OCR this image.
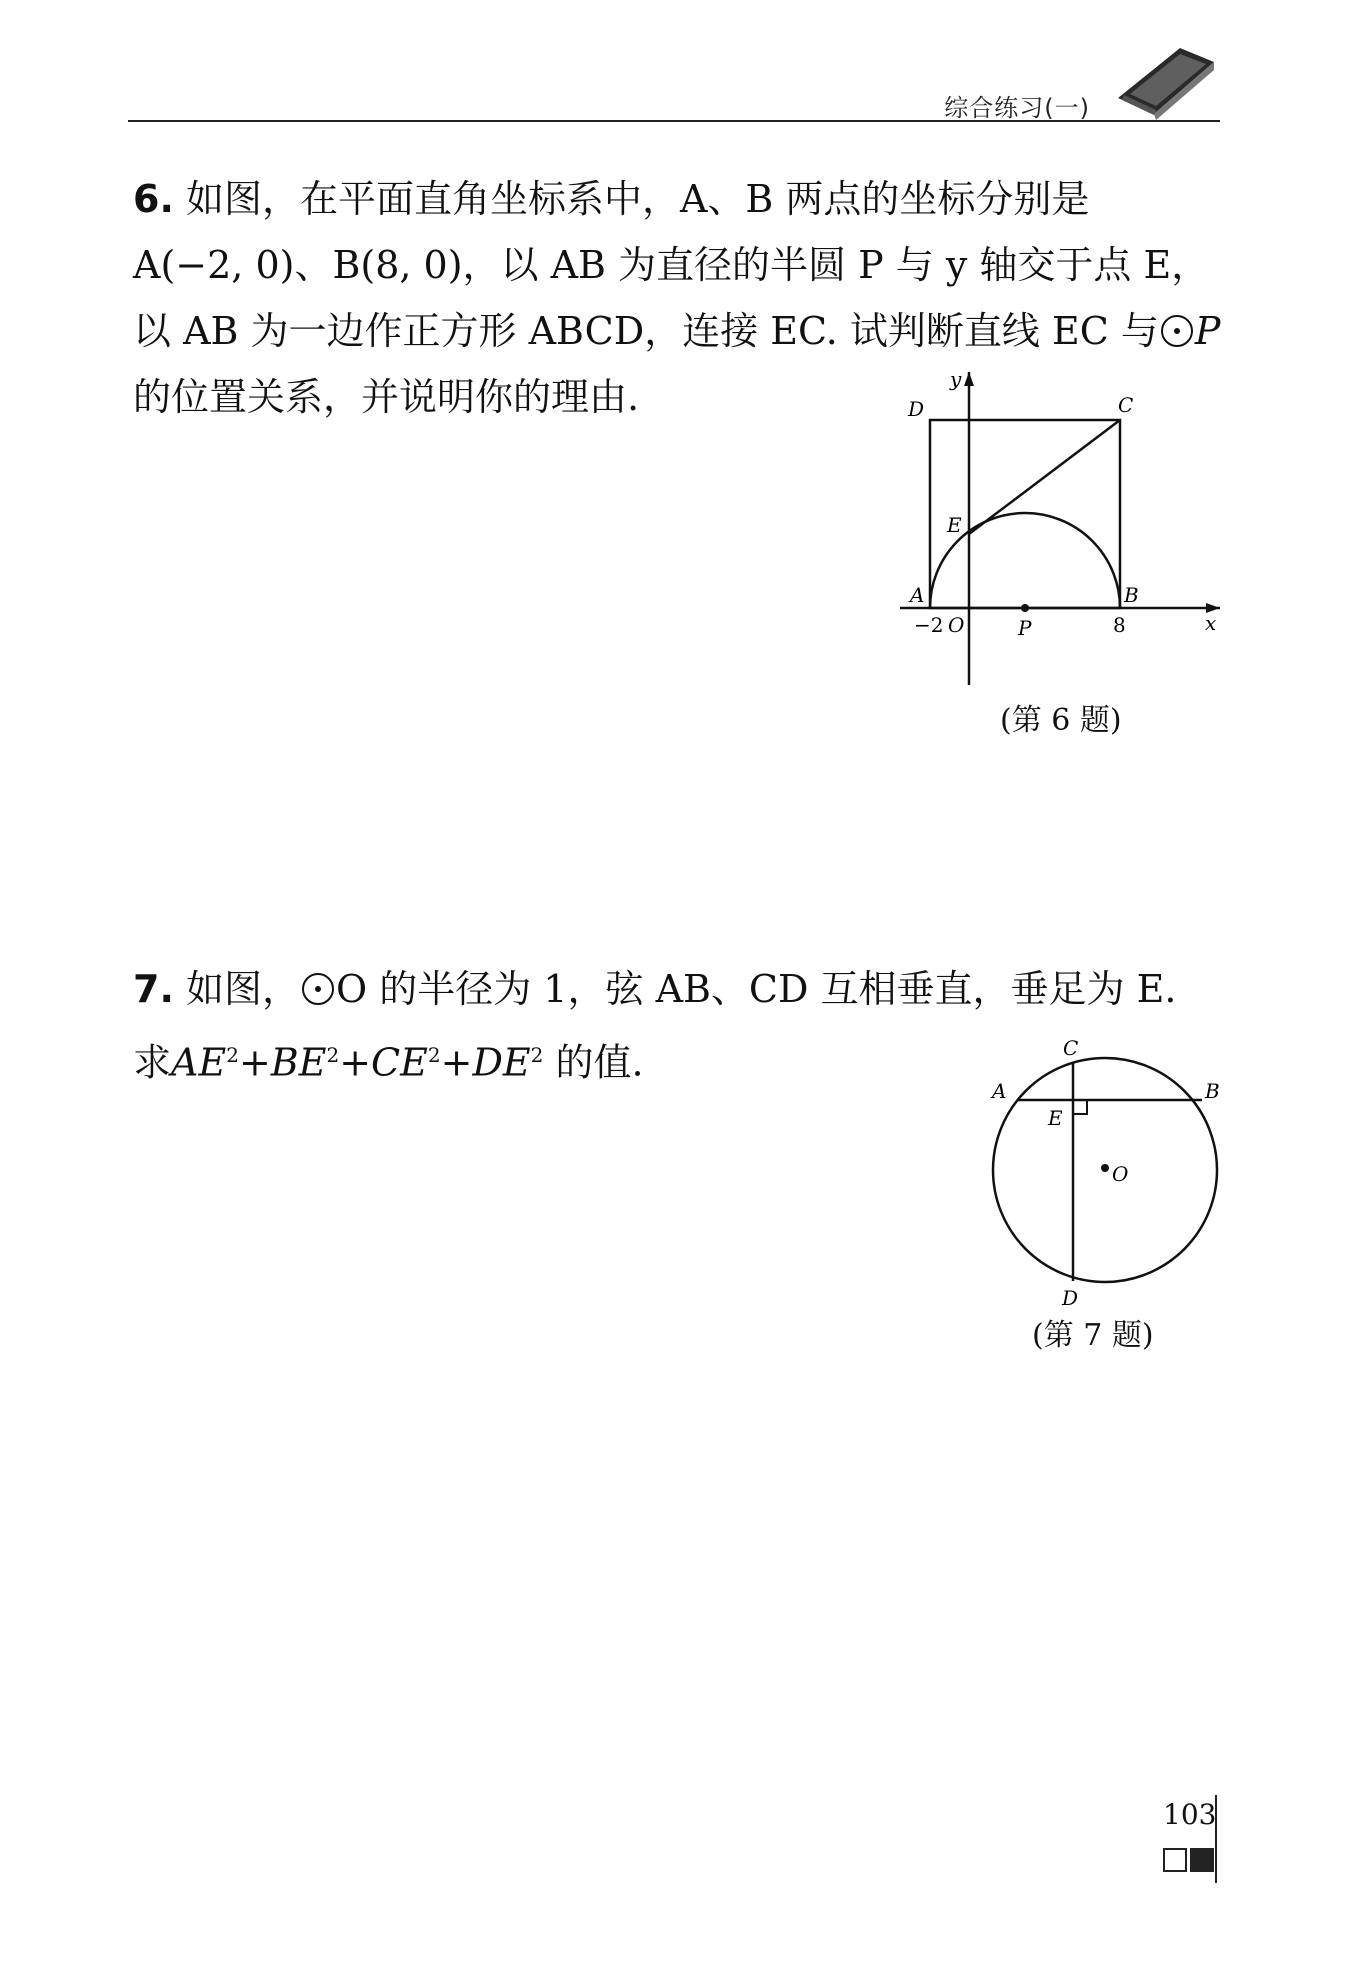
综合练习(一)

6. 如图，在平面直角坐标系中，A、B 两点的坐标分别是

A(−2, 0)、B(8, 0)，以 AB 为直径的半圆 P 与 y 轴交于点 E，

以 AB 为一边作正方形 ABCD，连接 EC. 试判断直线 EC 与 P

的位置关系，并说明你的理由.	D	C
y
E
A	B
−2 O	P	8	x
(第 6 题)

7. 如图， O 的半径为 1，弦 AB、CD 互相垂直，垂足为 E.

求$AE^2+BE^2+CE^2+DE^2$ 的值.	C
A	B
E
O
D
(第 7 题)
103
